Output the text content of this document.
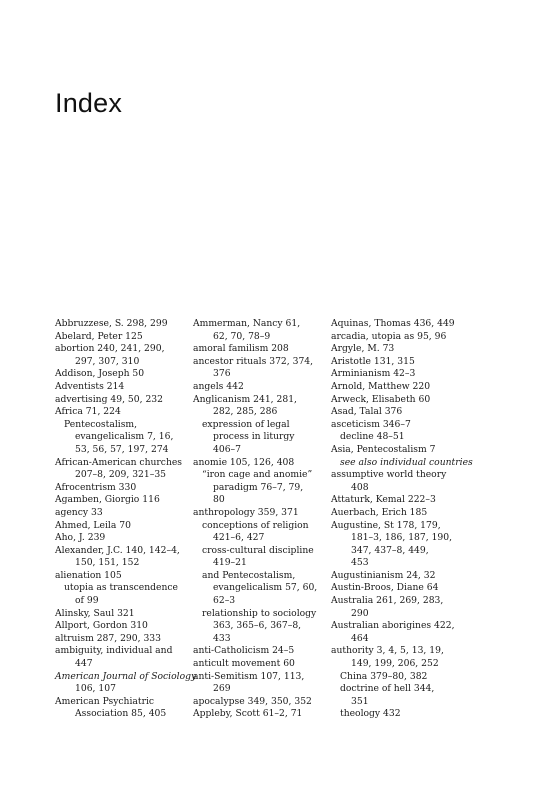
Index
Abbruzzese, S. 298, 299
Abelard, Peter 125
abortion 240, 241, 290,
297, 307, 310
Addison, Joseph 50
Adventists 214
advertising 49, 50, 232
Africa 71, 224
Pentecostalism,
evangelicalism 7, 16,
53, 56, 57, 197, 274
African-American churches
207–8, 209, 321–35
Afrocentrism 330
Agamben, Giorgio 116
agency 33
Ahmed, Leila 70
Aho, J. 239
Alexander, J.C. 140, 142–4,
150, 151, 152
alienation 105
utopia as transcendence
of 99
Alinsky, Saul 321
Allport, Gordon 310
altruism 287, 290, 333
ambiguity, individual and
447
American Journal of Sociology
106, 107
American Psychiatric
Association 85, 405
Ammerman, Nancy 61,
62, 70, 78–9
amoral familism 208
ancestor rituals 372, 374,
376
angels 442
Anglicanism 241, 281,
282, 285, 286
expression of legal
process in liturgy
406–7
anomie 105, 126, 408
“iron cage and anomie”
paradigm 76–7, 79,
80
anthropology 359, 371
conceptions of religion
421–6, 427
cross-cultural discipline
419–21
and Pentecostalism,
evangelicalism 57, 60,
62–3
relationship to sociology
363, 365–6, 367–8,
433
anti-Catholicism 24–5
anticult movement 60
anti-Semitism 107, 113,
269
apocalypse 349, 350, 352
Appleby, Scott 61–2, 71
Aquinas, Thomas 436, 449
arcadia, utopia as 95, 96
Argyle, M. 73
Aristotle 131, 315
Arminianism 42–3
Arnold, Matthew 220
Arweck, Elisabeth 60
Asad, Talal 376
asceticism 346–7
decline 48–51
Asia, Pentecostalism 7
see also individual countries
assumptive world theory
408
Attaturk, Kemal 222–3
Auerbach, Erich 185
Augustine, St 178, 179,
181–3, 186, 187, 190,
347, 437–8, 449,
453
Augustinianism 24, 32
Austin-Broos, Diane 64
Australia 261, 269, 283,
290
Australian aborigines 422,
464
authority 3, 4, 5, 13, 19,
149, 199, 206, 252
China 379–80, 382
doctrine of hell 344,
351
theology 432
